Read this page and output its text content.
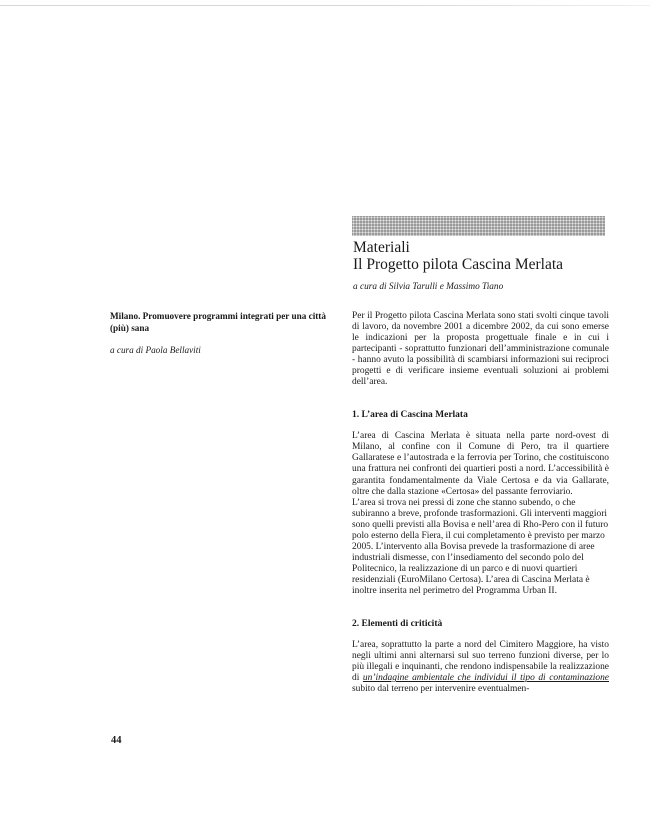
Materiali
Il Progetto pilota Cascina Merlata

a cura di Silvia Tarulli e Massimo Tiano

Milano. Promuovere programmi integrati per una città (più) sana

a cura di Paola Bellaviti

Per il Progetto pilota Cascina Merlata sono stati svolti cinque tavoli di lavoro, da novembre 2001 a dicembre 2002, da cui sono emerse le indicazioni per la proposta progettuale finale e in cui i partecipanti - soprattutto funzionari dell’amministrazione comunale - hanno avuto la possibilità di scambiarsi informazioni sui reciproci progetti e di verificare insieme eventuali soluzioni ai problemi dell’area.

1. L’area di Cascina Merlata

L’area di Cascina Merlata è situata nella parte nord-ovest di Milano, al confine con il Comune di Pero, tra il quartiere Gallaratese e l’autostrada e la ferrovia per Torino, che costituiscono una frattura nei confronti dei quartieri posti a nord. L’accessibilità è garantita fondamentalmente da Viale Certosa e da via Gallarate, oltre che dalla stazione «Certosa» del passante ferroviario.

L’area si trova nei pressi di zone che stanno subendo, o che subiranno a breve, profonde trasformazioni. Gli interventi maggiori sono quelli previsti alla Bovisa e nell’area di Rho-Pero con il futuro polo esterno della Fiera, il cui completamento è previsto per marzo 2005. L’intervento alla Bovisa prevede la trasformazione di aree industriali dismesse, con l’insediamento del secondo polo del Politecnico, la realizzazione di un parco e di nuovi quartieri residenziali (EuroMilano Certosa). L’area di Cascina Merlata è inoltre inserita nel perimetro del Programma Urban II.

2. Elementi di criticità

L’area, soprattutto la parte a nord del Cimitero Maggiore, ha visto negli ultimi anni alternarsi sul suo terreno funzioni diverse, per lo più illegali e inquinanti, che rendono indispensabile la realizzazione di un’indagine ambientale che individui il tipo di contaminazione subito dal terreno per intervenire eventualmen-

44
